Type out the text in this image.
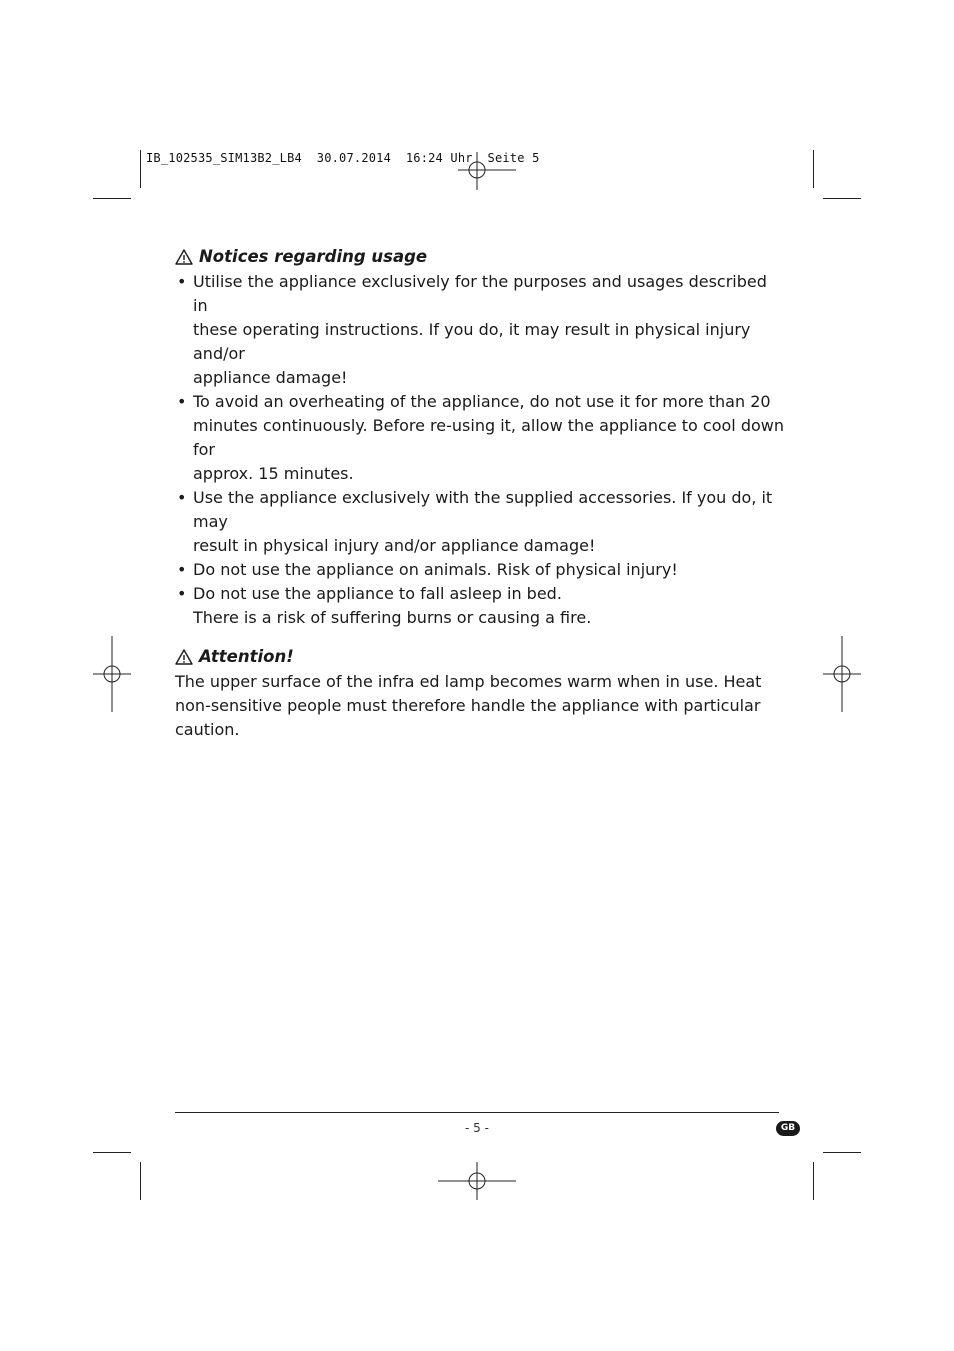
IB_102535_SIM13B2_LB4  30.07.2014  16:24 Uhr  Seite 5
Notices regarding usage
• Utilise the appliance exclusively for the purposes and usages described in
these operating instructions. If you do, it may result in physical injury and/or
appliance damage!
• To avoid an overheating of the appliance, do not use it for more than 20
minutes continuously. Before re-using it, allow the appliance to cool down for
approx. 15 minutes.
• Use the appliance exclusively with the supplied accessories. If you do, it may
result in physical injury and/or appliance damage!
• Do not use the appliance on animals. Risk of physical injury!
• Do not use the appliance to fall asleep in bed.
There is a risk of suffering burns or causing a fire.
Attention!

The upper surface of the infra ed lamp becomes warm when in use. Heat
non-sensitive people must therefore handle the appliance with particular caution.

- 5 -	GB
